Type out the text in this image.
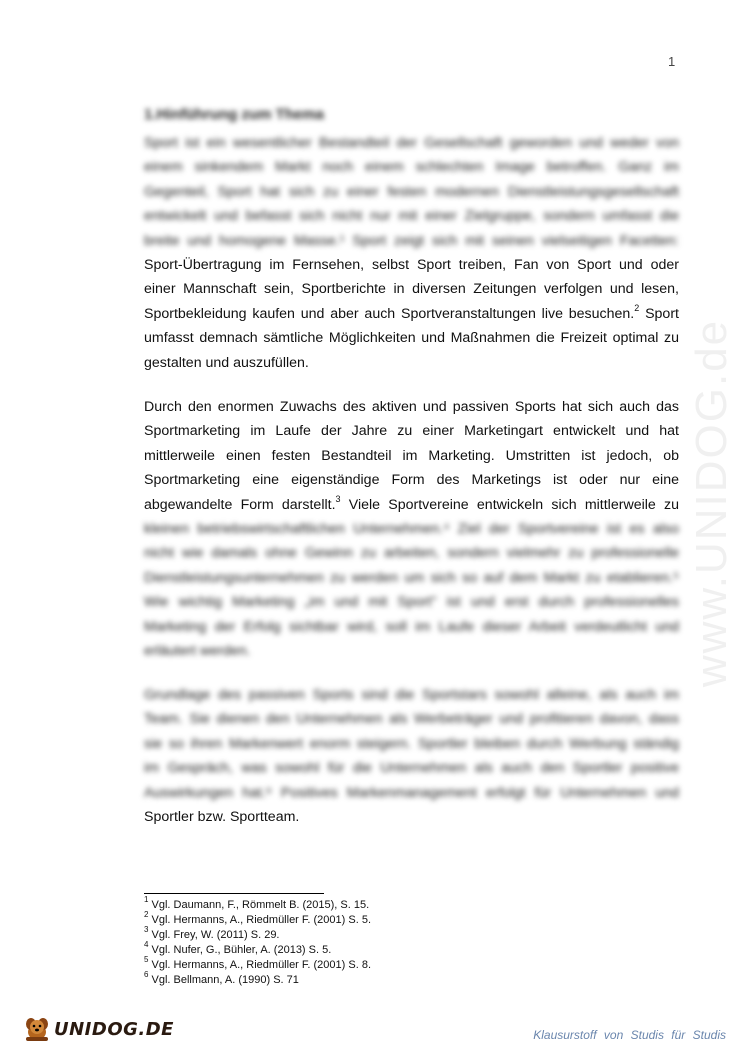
1
www.UNIDOG.de
1.Hinführung zum Thema
Sport ist ein wesentlicher Bestandteil der Gesellschaft geworden und weder von
einem sinkendem Markt noch einem schlechten Image betroffen. Ganz im
Gegenteil, Sport hat sich zu einer festen modernen Dienstleistungsgesellschaft
entwickelt und befasst sich nicht nur mit einer Zielgruppe, sondern umfasst die
breite und homogene Masse.¹ Sport zeigt sich mit seinen vielseitigen Facetten:
Sport-Übertragung im Fernsehen, selbst Sport treiben, Fan von Sport und oder
einer Mannschaft sein, Sportberichte in diversen Zeitungen verfolgen und lesen,
Sportbekleidung kaufen und aber auch Sportveranstaltungen live besuchen.$^2$ Sport
umfasst demnach sämtliche Möglichkeiten und Maßnahmen die Freizeit optimal zu
gestalten und auszufüllen.
Durch den enormen Zuwachs des aktiven und passiven Sports hat sich auch das
Sportmarketing im Laufe der Jahre zu einer Marketingart entwickelt und hat
mittlerweile einen festen Bestandteil im Marketing. Umstritten ist jedoch, ob
Sportmarketing eine eigenständige Form des Marketings ist oder nur eine
abgewandelte Form darstellt.$^3$ Viele Sportvereine entwickeln sich mittlerweile zu
kleinen betriebswirtschaftlichen Unternehmen.⁴ Ziel der Sportvereine ist es also
nicht wie damals ohne Gewinn zu arbeiten, sondern vielmehr zu professionelle
Dienstleistungsunternehmen zu werden um sich so auf dem Markt zu etablieren.⁵
Wie wichtig Marketing „im und mit Sport" ist und erst durch professionelles
Marketing der Erfolg sichtbar wird, soll im Laufe dieser Arbeit verdeutlicht und
erläutert werden.
Grundlage des passiven Sports sind die Sportstars sowohl alleine, als auch im
Team. Sie dienen den Unternehmen als Werbeträger und profitieren davon, dass
sie so ihren Markenwert enorm steigern. Sportler bleiben durch Werbung ständig
im Gespräch, was sowohl für die Unternehmen als auch den Sportler positive
Auswirkungen hat.⁶ Positives Markenmanagement erfolgt für Unternehmen und
Sportler bzw. Sportteam.
$^1$ Vgl. Daumann, F., Römmelt B. (2015), S. 15.
$^2$ Vgl. Hermanns, A., Riedmüller F. (2001) S. 5.
$^3$ Vgl. Frey, W. (2011) S. 29.
$^4$ Vgl. Nufer, G., Bühler, A. (2013) S. 5.
$^5$ Vgl. Hermanns, A., Riedmüller F. (2001) S. 8.
$^6$ Vgl. Bellmann, A. (1990) S. 71
UNIDOG.DE	Klausurstoff von Studis für Studis
